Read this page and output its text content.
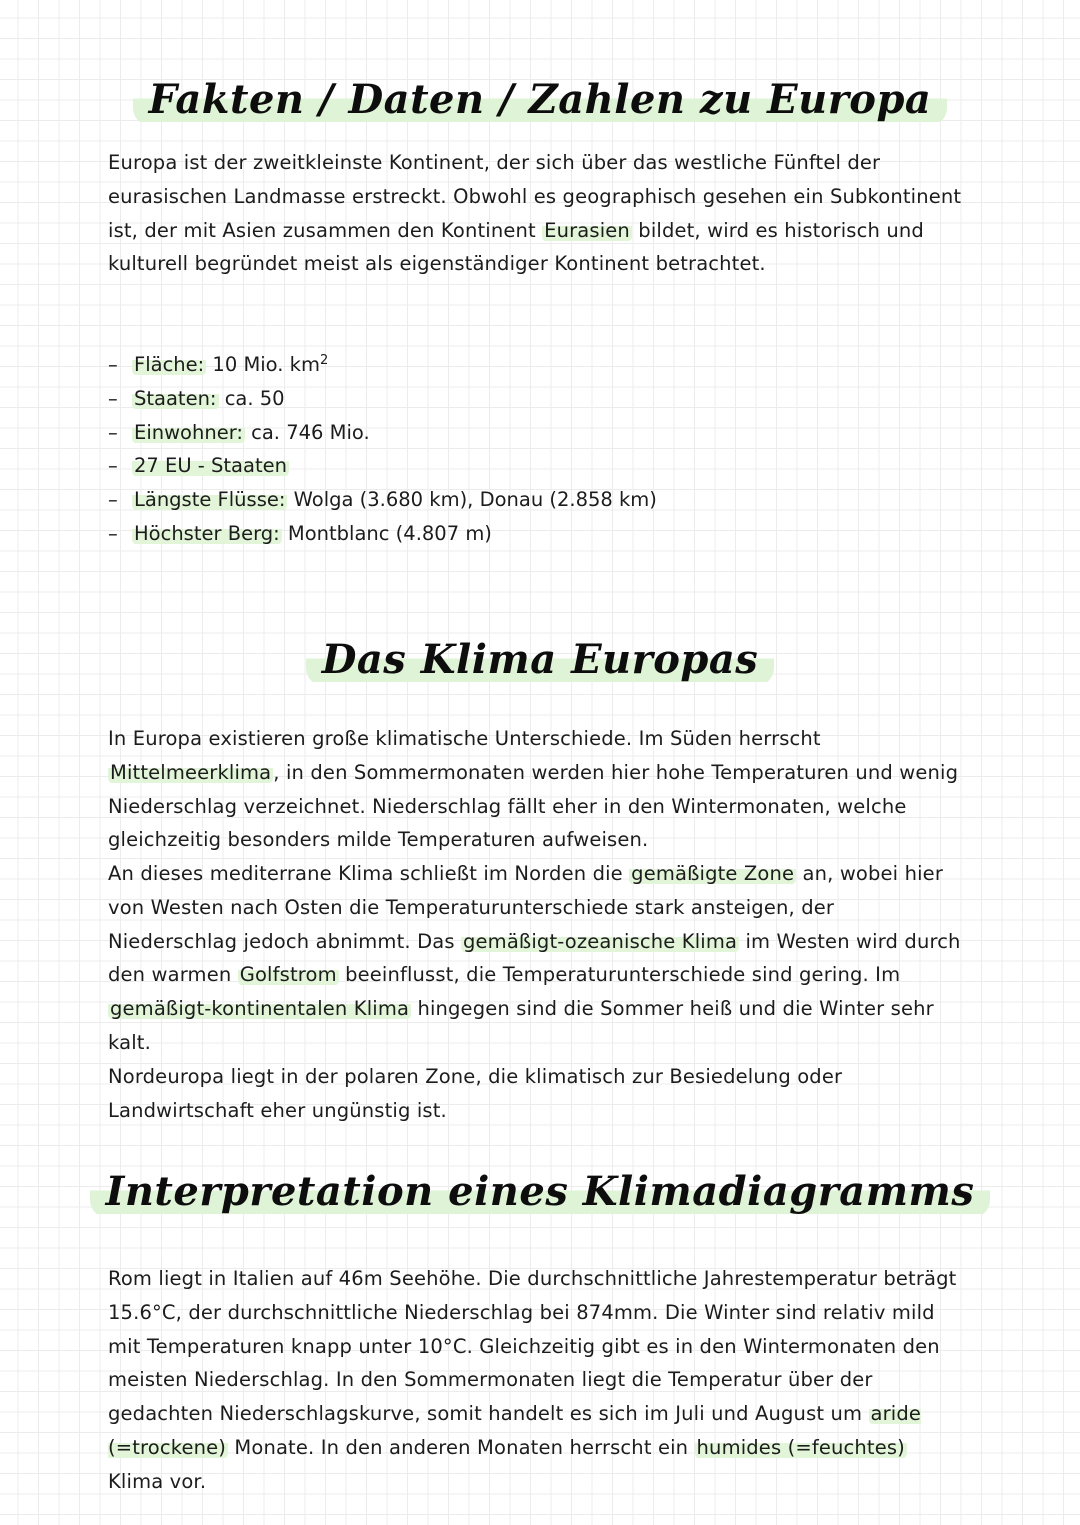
Fakten / Daten / Zahlen zu Europa

Europa ist der zweitkleinste Kontinent, der sich über das westliche Fünftel der eurasischen Landmasse erstreckt. Obwohl es geographisch gesehen ein Subkontinent ist, der mit Asien zusammen den Kontinent Eurasien bildet, wird es historisch und kulturell begründet meist als eigenständiger Kontinent betrachtet.

– Fläche: 10 Mio. $km^2$
– Staaten: ca. 50
– Einwohner: ca. 746 Mio.
– 27 EU - Staaten
– Längste Flüsse: Wolga (3.680 km), Donau (2.858 km)
– Höchster Berg: Montblanc (4.807 m)
Das Klima Europas

In Europa existieren große klimatische Unterschiede. Im Süden herrscht Mittelmeerklima , in den Sommermonaten werden hier hohe Temperaturen und wenig Niederschlag verzeichnet. Niederschlag fällt eher in den Wintermonaten, welche gleichzeitig besonders milde Temperaturen aufweisen.

An dieses mediterrane Klima schließt im Norden die gemäßigte Zone an, wobei hier von Westen nach Osten die Temperaturunterschiede stark ansteigen, der Niederschlag jedoch abnimmt. Das gemäßigt-ozeanische Klima im Westen wird durch den warmen Golfstrom beeinflusst, die Temperaturunterschiede sind gering. Im gemäßigt-kontinentalen Klima hingegen sind die Sommer heiß und die Winter sehr kalt.

Nordeuropa liegt in der polaren Zone, die klimatisch zur Besiedelung oder Landwirtschaft eher ungünstig ist.

Interpretation eines Klimadiagramms

Rom liegt in Italien auf 46m Seehöhe. Die durchschnittliche Jahrestemperatur beträgt 15.6°C, der durchschnittliche Niederschlag bei 874mm. Die Winter sind relativ mild mit Temperaturen knapp unter 10°C. Gleichzeitig gibt es in den Wintermonaten den meisten Niederschlag. In den Sommermonaten liegt die Temperatur über der gedachten Niederschlagskurve, somit handelt es sich im Juli und August um aride (=trockene) Monate. In den anderen Monaten herrscht ein humides (=feuchtes) Klima vor.
